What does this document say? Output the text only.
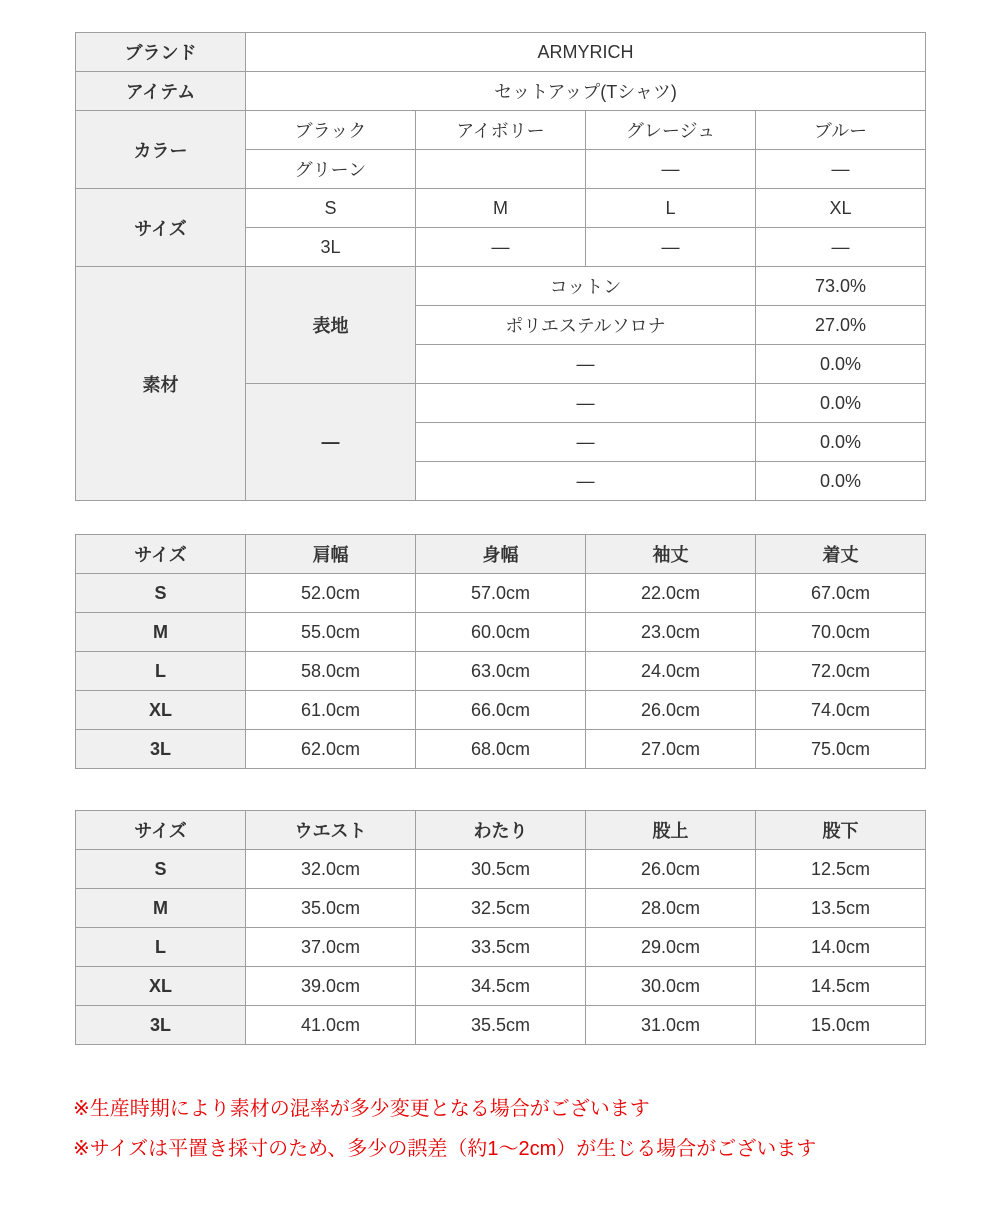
ブランド	ARMYRICH			
アイテム	セットアップ(Tシャツ)			
カラー	ブラック	アイボリー	グレージュ	ブルー
	グリーン		—	—
サイズ	S	M	L	XL
	3L	—	—	—
素材	表地	コットン		73.0%
		ポリエステルソロナ		27.0%
		—		0.0%
	—	—		0.0%
		—		0.0%
		—		0.0%
サイズ	肩幅	身幅	袖丈	着丈
S	52.0cm	57.0cm	22.0cm	67.0cm
M	55.0cm	60.0cm	23.0cm	70.0cm
L	58.0cm	63.0cm	24.0cm	72.0cm
XL	61.0cm	66.0cm	26.0cm	74.0cm
3L	62.0cm	68.0cm	27.0cm	75.0cm
サイズ	ウエスト	わたり	股上	股下
S	32.0cm	30.5cm	26.0cm	12.5cm
M	35.0cm	32.5cm	28.0cm	13.5cm
L	37.0cm	33.5cm	29.0cm	14.0cm
XL	39.0cm	34.5cm	30.0cm	14.5cm
3L	41.0cm	35.5cm	31.0cm	15.0cm
※生産時期により素材の混率が多少変更となる場合がございます
※サイズは平置き採寸のため、多少の誤差（約1〜2cm）が生じる場合がございます
